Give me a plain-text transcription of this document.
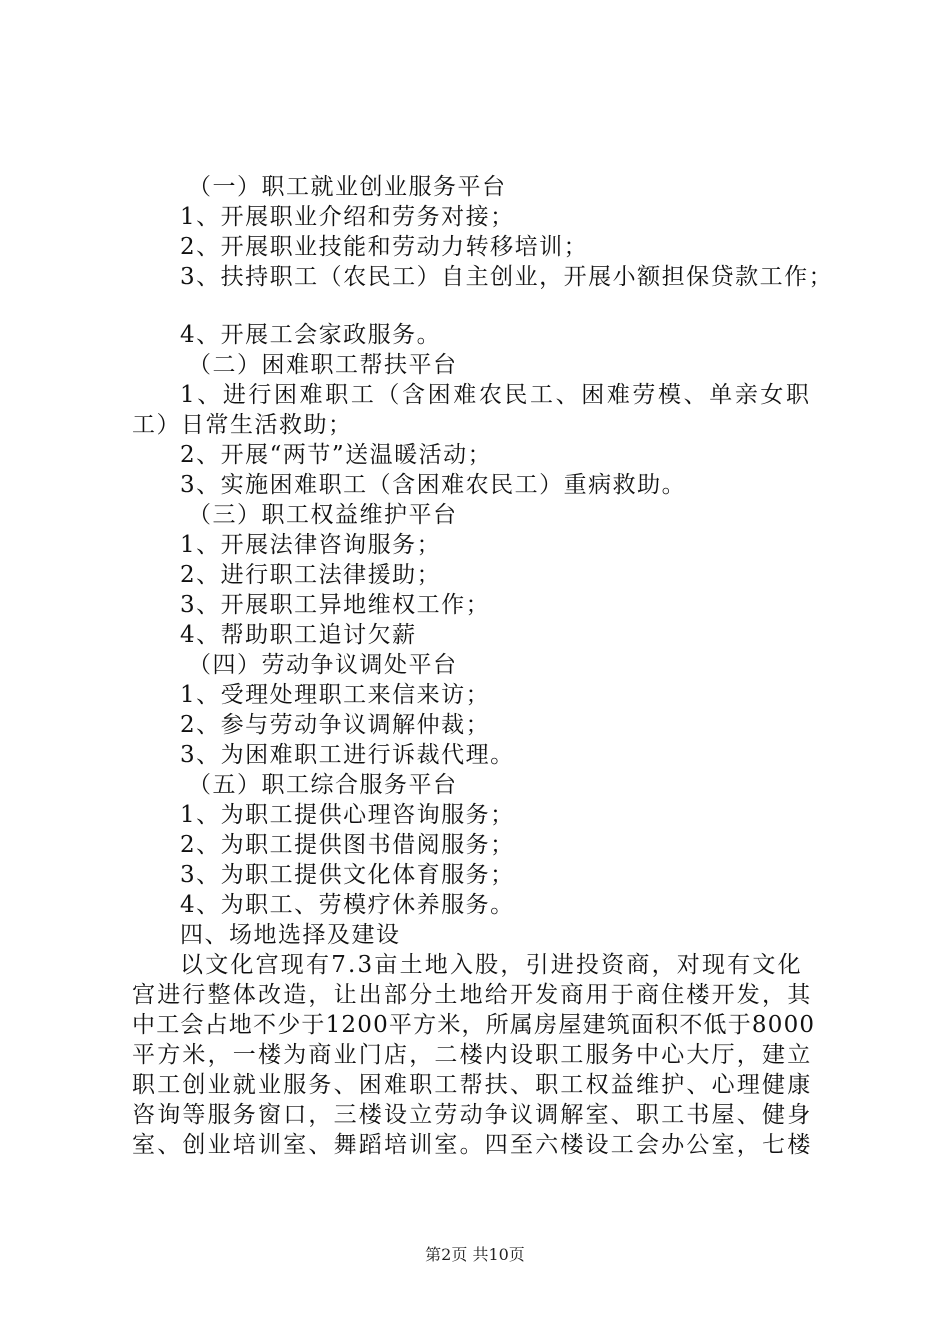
（一）职工就业创业服务平台
1、开展职业介绍和劳务对接；
2、开展职业技能和劳动力转移培训；
3、扶持职工（农民工）自主创业，开展小额担保贷款工作；
4、开展工会家政服务。
（二）困难职工帮扶平台
1、进行困难职工（含困难农民工、困难劳模、单亲女职
工）日常生活救助；
2、开展“两节”送温暖活动；
3、实施困难职工（含困难农民工）重病救助。
（三）职工权益维护平台
1、开展法律咨询服务；
2、进行职工法律援助；
3、开展职工异地维权工作；
4、帮助职工追讨欠薪
（四）劳动争议调处平台
1、受理处理职工来信来访；
2、参与劳动争议调解仲裁；
3、为困难职工进行诉裁代理。
（五）职工综合服务平台
1、为职工提供心理咨询服务；
2、为职工提供图书借阅服务；
3、为职工提供文化体育服务；
4、为职工、劳模疗休养服务。
四、场地选择及建设
以文化宫现有7.3亩土地入股，引进投资商，对现有文化
宫进行整体改造，让出部分土地给开发商用于商住楼开发，其
中工会占地不少于1200平方米，所属房屋建筑面积不低于8000
平方米，一楼为商业门店，二楼内设职工服务中心大厅，建立
职工创业就业服务、困难职工帮扶、职工权益维护、心理健康
咨询等服务窗口，三楼设立劳动争议调解室、职工书屋、健身
室、创业培训室、舞蹈培训室。四至六楼设工会办公室，七楼
第2页 共10页
